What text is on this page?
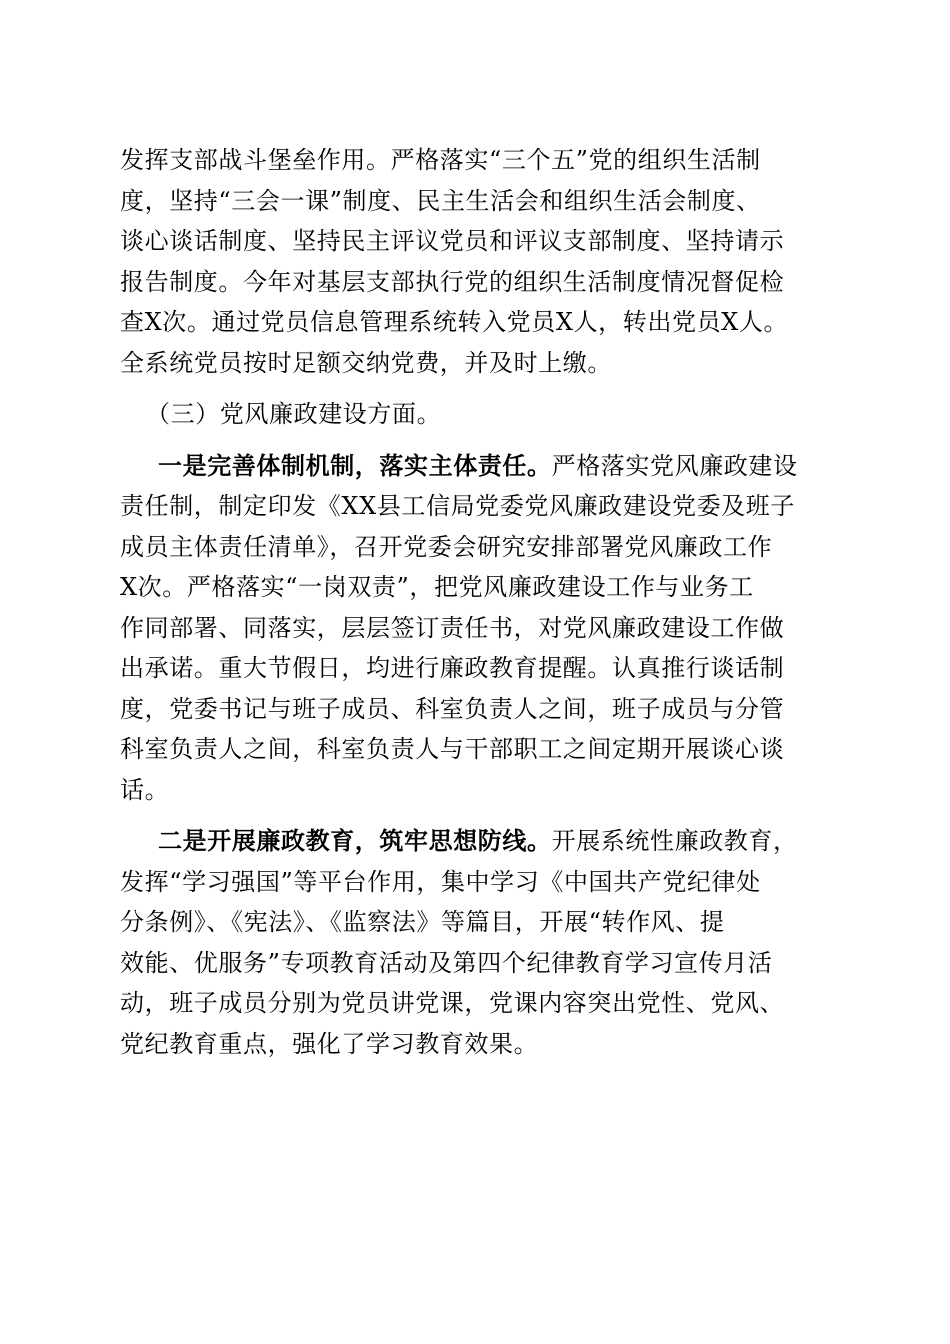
发挥支部战斗堡垒作用。严格落实“三个五”党的组织生活制
度，坚持“三会一课”制度、民主生活会和组织生活会制度、
谈心谈话制度、坚持民主评议党员和评议支部制度、坚持请示
报告制度。今年对基层支部执行党的组织生活制度情况督促检
查X次。通过党员信息管理系统转入党员X人，转出党员X人。
全系统党员按时足额交纳党费，并及时上缴。
（三）党风廉政建设方面。
一是完善体制机制，落实主体责任。严格落实党风廉政建设
责任制，制定印发《XX县工信局党委党风廉政建设党委及班子
成员主体责任清单》，召开党委会研究安排部署党风廉政工作
X次。严格落实“一岗双责”，把党风廉政建设工作与业务工
作同部署、同落实，层层签订责任书，对党风廉政建设工作做
出承诺。重大节假日，均进行廉政教育提醒。认真推行谈话制
度，党委书记与班子成员、科室负责人之间，班子成员与分管
科室负责人之间，科室负责人与干部职工之间定期开展谈心谈
话。
二是开展廉政教育，筑牢思想防线。开展系统性廉政教育，
发挥“学习强国”等平台作用，集中学习《中国共产党纪律处
分条例》、《宪法》、《监察法》等篇目，开展“转作风、提
效能、优服务”专项教育活动及第四个纪律教育学习宣传月活
动，班子成员分别为党员讲党课，党课内容突出党性、党风、
党纪教育重点，强化了学习教育效果。
